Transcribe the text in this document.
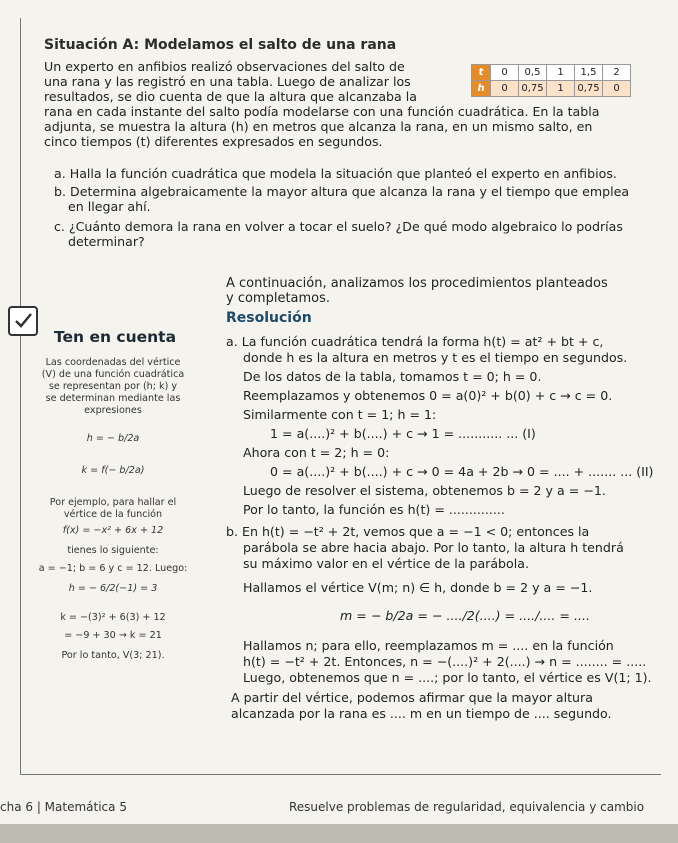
Situación A: Modelamos el salto de una rana
Un experto en anfibios realizó observaciones del salto de
una rana y las registró en una tabla. Luego de analizar los
resultados, se dio cuenta de que la altura que alcanzaba la
rana en cada instante del salto podía modelarse con una función cuadrática. En la tabla
adjunta, se muestra la altura (h) en metros que alcanza la rana, en un mismo salto, en
cinco tiempos (t) diferentes expresados en segundos.
t	0	0,5	1	1,5	2
h	0	0,75	1	0,75	0
a. Halla la función cuadrática que modela la situación que planteó el experto en anfibios.
b. Determina algebraicamente la mayor altura que alcanza la rana y el tiempo que emplea
en llegar ahí.
c. ¿Cuánto demora la rana en volver a tocar el suelo? ¿De qué modo algebraico lo podrías
determinar?
A continuación, analizamos los procedimientos planteados
y completamos.
Resolución
Ten en cuenta
Las coordenadas del vértice
(V) de una función cuadrática
se representan por (h; k) y
se determinan mediante las
expresiones
h = − b/2a
k = f(− b/2a)
Por ejemplo, para hallar el
vértice de la función
f(x) = −x² + 6x + 12
tienes lo siguiente:
a = −1; b = 6 y c = 12. Luego:
h = − 6/2(−1) = 3
k = −(3)² + 6(3) + 12
= −9 + 30 → k = 21
Por lo tanto, V(3; 21).
a. La función cuadrática tendrá la forma h(t) = at² + bt + c,
donde h es la altura en metros y t es el tiempo en segundos.
De los datos de la tabla, tomamos t = 0; h = 0.
Reemplazamos y obtenemos 0 = a(0)² + b(0) + c → c = 0.
Similarmente con t = 1; h = 1:
1 = a(....)² + b(....) + c → 1 = ........... ... (I)
Ahora con t = 2; h = 0:
0 = a(....)² + b(....) + c → 0 = 4a + 2b → 0 = .... + ....... ... (II)
Luego de resolver el sistema, obtenemos b = 2 y a = −1.
Por lo tanto, la función es h(t) = ..............
b. En h(t) = −t² + 2t, vemos que a = −1 < 0; entonces la
parábola se abre hacia abajo. Por lo tanto, la altura h tendrá
su máximo valor en el vértice de la parábola.
Hallamos el vértice V(m; n) ∈ h, donde b = 2 y a = −1.
m = − b/2a = − ..../2(....) = ..../.... = ....
Hallamos n; para ello, reemplazamos m = .... en la función
h(t) = −t² + 2t. Entonces, n = −(....)² + 2(....) → n = ........ = .....
Luego, obtenemos que n = ....; por lo tanto, el vértice es V(1; 1).
A partir del vértice, podemos afirmar que la mayor altura
alcanzada por la rana es .... m en un tiempo de .... segundo.
cha 6 | Matemática 5	Resuelve problemas de regularidad, equivalencia y cambio
